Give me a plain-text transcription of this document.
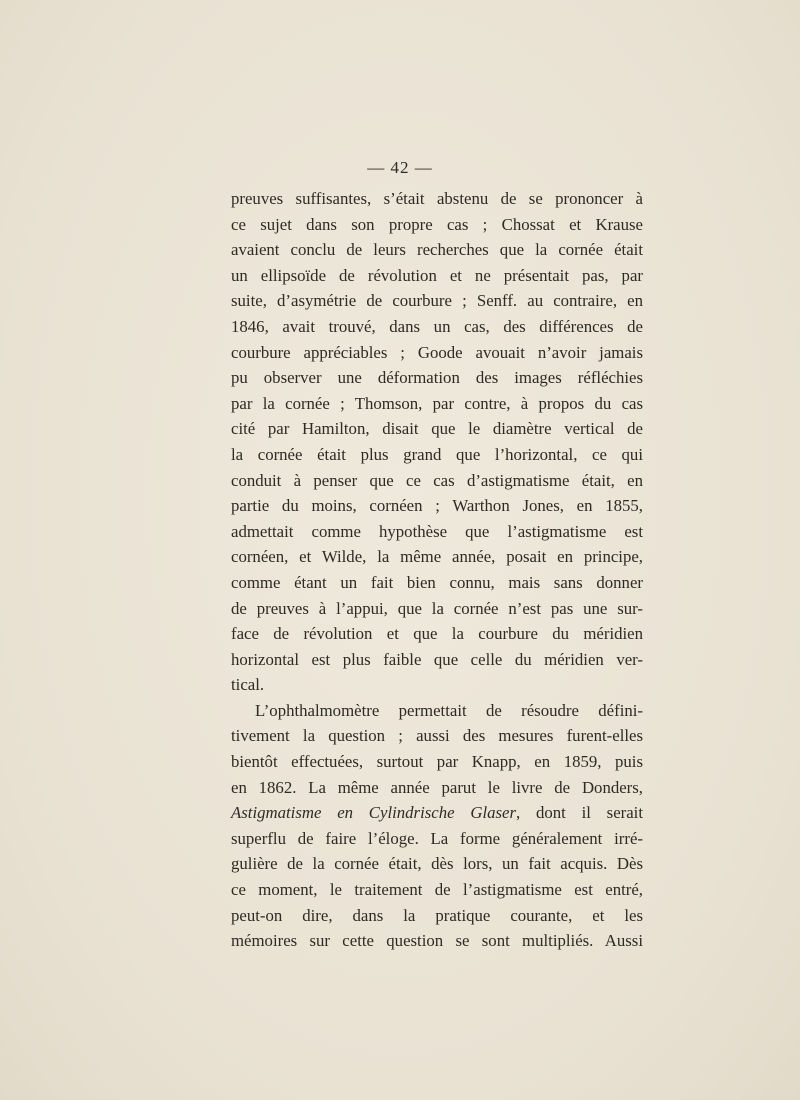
— 42 —
preuves suffisantes, s’était abstenu de se prononcer à
ce sujet dans son propre cas ; Chossat et Krause
avaient conclu de leurs recherches que la cornée était
un ellipsoïde de révolution et ne présentait pas, par
suite, d’asymétrie de courbure ; Senff. au contraire, en
1846, avait trouvé, dans un cas, des différences de
courbure appréciables ; Goode avouait n’avoir jamais
pu observer une déformation des images réfléchies
par la cornée ; Thomson, par contre, à propos du cas
cité par Hamilton, disait que le diamètre vertical de
la cornée était plus grand que l’horizontal, ce qui
conduit à penser que ce cas d’astigmatisme était, en
partie du moins, cornéen ; Warthon Jones, en 1855,
admettait comme hypothèse que l’astigmatisme est
cornéen, et Wilde, la même année, posait en principe,
comme étant un fait bien connu, mais sans donner
de preuves à l’appui, que la cornée n’est pas une sur-
face de révolution et que la courbure du méridien
horizontal est plus faible que celle du méridien ver-
tical.
L’ophthalmomètre permettait de résoudre défini-
tivement la question ; aussi des mesures furent-elles
bientôt effectuées, surtout par Knapp, en 1859, puis
en 1862. La même année parut le livre de Donders,
Astigmatisme en Cylindrische Glaser, dont il serait
superflu de faire l’éloge. La forme généralement irré-
gulière de la cornée était, dès lors, un fait acquis. Dès
ce moment, le traitement de l’astigmatisme est entré,
peut-on dire, dans la pratique courante, et les
mémoires sur cette question se sont multipliés. Aussi
